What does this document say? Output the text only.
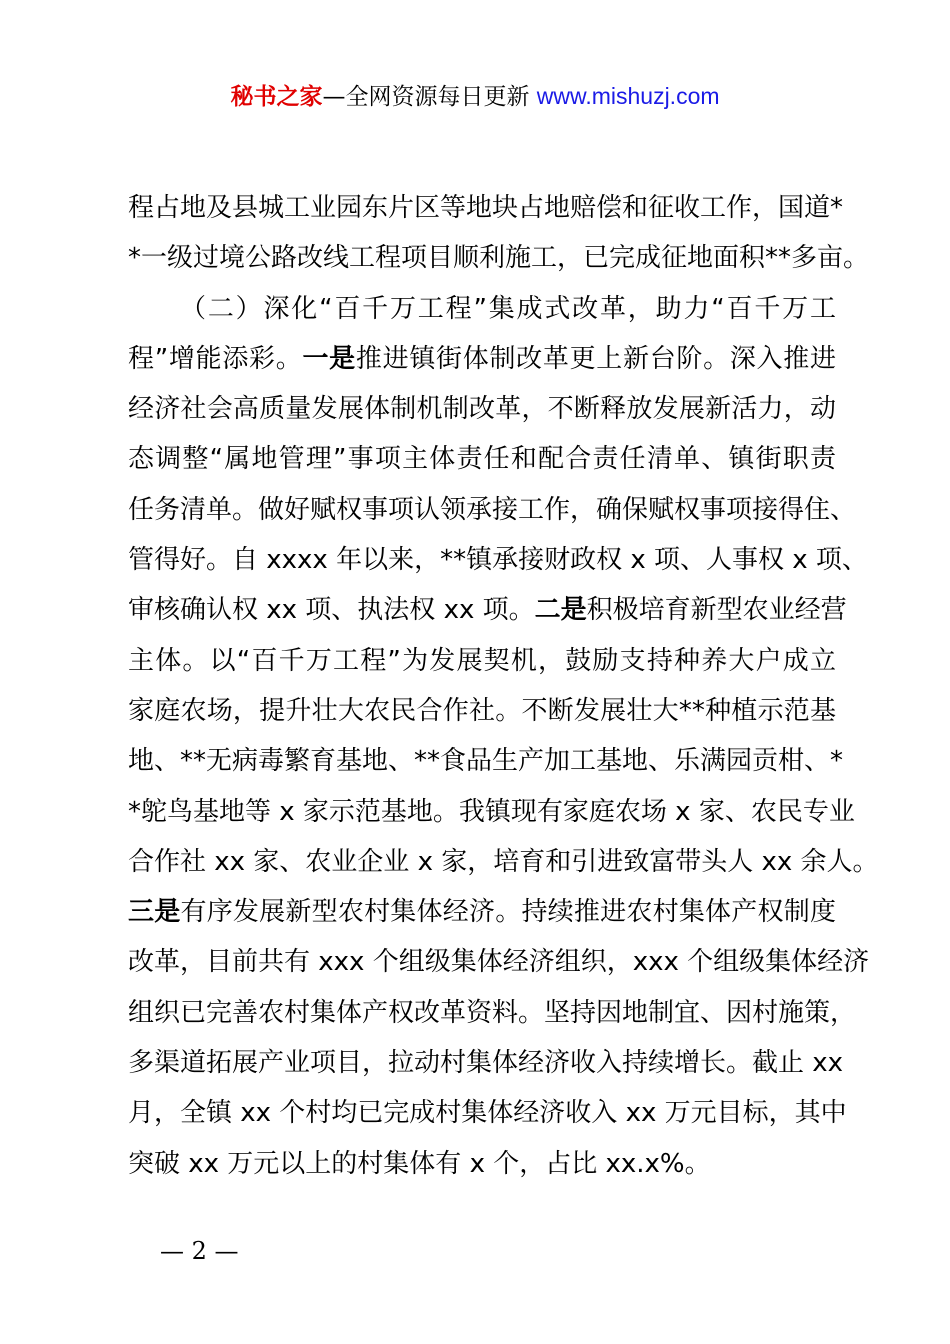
秘书之家—全网资源每日更新 www.mishuzj.com
程占地及县城工业园东片区等地块占地赔偿和征收工作，国道*
*一级过境公路改线工程项目顺利施工，已完成征地面积**多亩。
（二）深化“百千万工程”集成式改革，助力“百千万工
程”增能添彩。一是推进镇街体制改革更上新台阶。深入推进
经济社会高质量发展体制机制改革，不断释放发展新活力，动
态调整“属地管理”事项主体责任和配合责任清单、镇街职责
任务清单。做好赋权事项认领承接工作，确保赋权事项接得住、
管得好。自 xxxx 年以来，**镇承接财政权 x 项、人事权 x 项、
审核确认权 xx 项、执法权 xx 项。二是积极培育新型农业经营
主体。以“百千万工程”为发展契机，鼓励支持种养大户成立
家庭农场，提升壮大农民合作社。不断发展壮大**种植示范基
地、**无病毒繁育基地、**食品生产加工基地、乐满园贡柑、*
*鸵鸟基地等 x 家示范基地。我镇现有家庭农场 x 家、农民专业
合作社 xx 家、农业企业 x 家，培育和引进致富带头人 xx 余人。
三是有序发展新型农村集体经济。持续推进农村集体产权制度
改革，目前共有 xxx 个组级集体经济组织，xxx 个组级集体经济
组织已完善农村集体产权改革资料。坚持因地制宜、因村施策，
多渠道拓展产业项目，拉动村集体经济收入持续增长。截止 xx
月，全镇 xx 个村均已完成村集体经济收入 xx 万元目标，其中
突破 xx 万元以上的村集体有 x 个，占比 xx.x%。
— 2 —
